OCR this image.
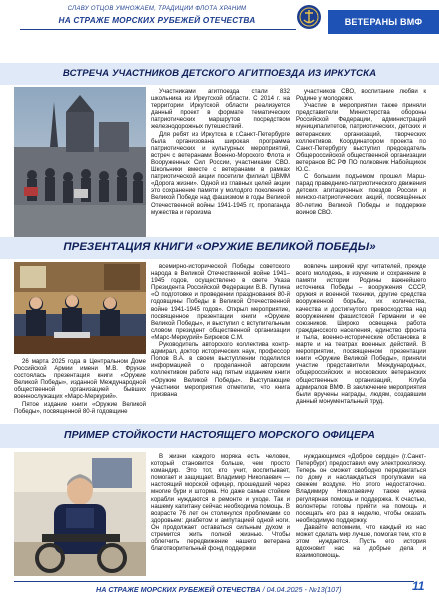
СЛАВУ ОТЦОВ УМНОЖАЕМ, ТРАДИЦИИ ФЛОТА ХРАНИМ
НА СТРАЖЕ МОРСКИХ РУБЕЖЕЙ ОТЕЧЕСТВА	ВЕТЕРАНЫ ВМФ
ВСТРЕЧА УЧАСТНИКОВ ДЕТСКОГО АГИТПОЕЗДА ИЗ ИРКУТСКА

Участниками агитпоезда стали 832 школьника из Иркутской области. С 2014 г. на территории Иркутской области реализуется данный проект в формате тематических патриотических маршрутов посредством железнодорожных путешествий.

Для ребят из Иркутска в г.Санкт-Петербурге была организована широкая программа патриотических и культурных мероприятий, встреч с ветеранами Военно-Морского Флота и Вооруженных Сил России, участниками СВО. Школьники вместе с ветеранами в рамках патриотической акции посетили филиал ЦВММ «Дорога жизни». Одной из главных целей акции это сохранение памяти у молодого поколения о Великой Победе над фашизмом в годы Великой Отечественной войны 1941-1945 гг, пропаганда мужества и героизма

участников СВО, воспитание любви к Родине у молодежи.

Участие в мероприятии также приняли представители Министерства обороны Российской Федерации, администраций муниципалитетов, патриотических, детских и ветеранских организаций, творческих коллективов. Координатором проекта по Санкт-Петербургу выступил председатель Общероссийской общественной организации ветеранов ВС РФ ПО полковник Набойщикок Ю.С.

С большим подъемом прошел Марш-парад праведнико-патриотического движения детских агитационных поездов России и минско-патриотических акций, посвящённых 80-летию Великой Победы и поддержке воинов СВО.

ПРЕЗЕНТАЦИЯ КНИГИ «ОРУЖИЕ ВЕЛИКОЙ ПОБЕДЫ»

26 марта 2025 года в Центральном Доме Российской Армии имени М.В. Фрунзе состоялась презентация книги «Оружие Великой Победы», изданной Международной общественной организацией бывших военнослужащих «Марс-Меркурий».

Пятое издание книги «Оружие Великой Победы», посвященной 80-й годовщине

всемирно-исторической Победы советского народа в Великой Отечественной войне 1941–1945 годов, осуществлено в свете Указа Президента Российской Федерации В.В. Путина «О подготовке и проведении празднования 80-й годовщины Победы в Великой Отечественной войне 1941-1945 годов». Открыл мероприятие, посвященное презентации книги «Оружие Великой Победы», и выступил с вступительным словом президент общественной организации «Марс-Меркурий» Бирюков С.М.

Руководитель авторского коллектива контр-адмирал, доктор исторических наук, профессор Попов В.А. в своем выступлении поделился информацией о проделанной авторским коллективом работе над пятым изданием книги «Оружие Великой Победы». Выступающие участники мероприятия отметили, что книга призвана

вовлечь широкий круг читателей, прежде всего молодежь, в изучение и сохранение в памяти истории Родины важнейшего источника Победы – вооружения СССР, оружия и военной техники, другие средства вооруженной борьбы, их количества, качества и достигнутого превосходства над вооружением фашистской Германии и ее союзников. Широко освещена работа граждансского населения, единство фронта и тыла, военно-исторические обстановка в марте и на театрах военных действий. В мероприятии, посвященном презентации книги «Оружие Великой Победы», приняли участие представители Международных, общероссийских и московских ветеранских общественных организаций, Клуба адмиралов ВМФ. В заключение мероприятия были вручены награды, людям, создавшим данный монументальный труд.

ПРИМЕР СТОЙКОСТИ НАСТОЯЩЕГО МОРСКОГО ОФИЦЕРА

В жизни каждого моряка есть человек, который становится больше, чем просто командир. Это тот, кто учит, воспитывает, помогает и защищает. Владимир Николаевич — настоящий морской офицер, прошедший через многие бури и шторма. Но даже самые стойкие корабли нуждаются в ремонте и уходе. Так и нашему капитану сейчас необходима помощь. В возрасте 76 лет он столкнулся проблемами со здоровьем: диабетом и ампутацией одной ноги. Он продолжает оставаться сильным духом и стремится жить полной жизнью. Чтобы облегчить передвижение нашего ветерана благотворительный фонд поддержки

нуждающимся «Доброе сердце» (г.Санкт-Петербург) предоставил ему электроколяску. Теперь он сможет свободно передвигаться по дому и наслаждаться прогулками на свежем воздухе. Но этого недостаточно. Владимиру Николаевичу также нужна регулярная помощь и поддержка. К счастью, волонтеры готовы прийти на помощь и посещать его раз в неделю, чтобы оказать необходимую поддержку.

Давайте вспомним, что каждый из нас может сделать мир лучше, помогая тем, кто в этом нуждается. Пусть его история вдохновит нас на добрые дела и взаимопомощь.

НА СТРАЖЕ МОРСКИХ РУБЕЖЕЙ ОТЕЧЕСТВА / 04.04.2025 - №13(107)	11
